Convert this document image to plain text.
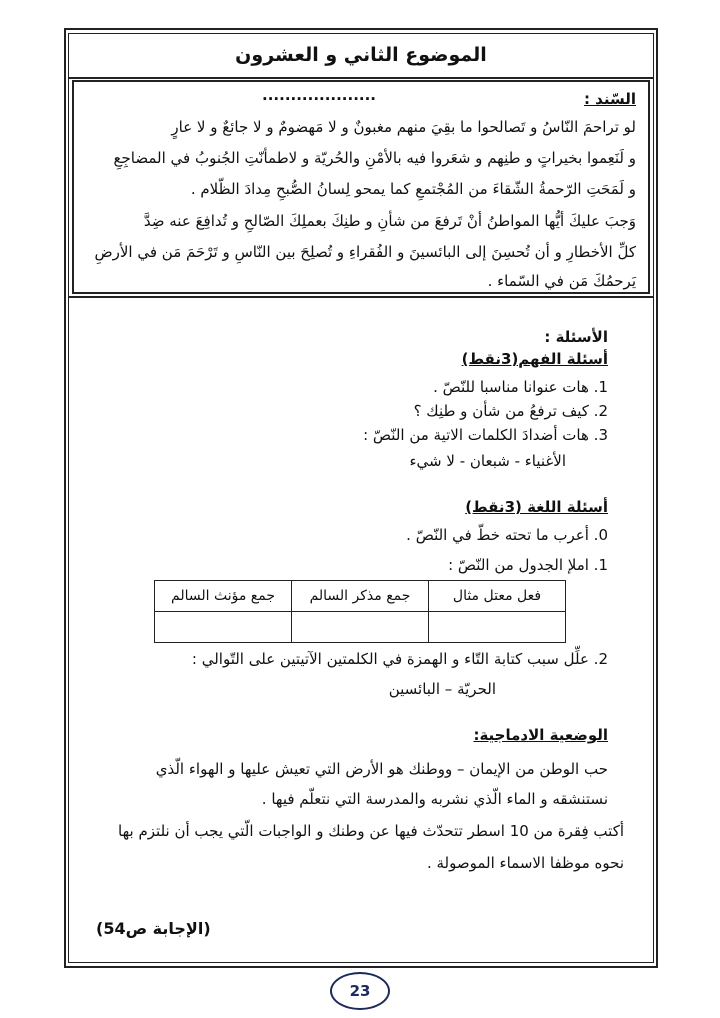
الموضوع الثاني و العشرون
السّند :
....................
لو تراحمَ النّاسُ و تَصالحوا ما بقِيَ منهم مغبونٌ و لا مَهضومٌ و لا جائعٌ و لا عارٍ
و لَنَعِموا بخيراتٍ و طنِهم و شعَروا فيه بالأمْنِ والحُريّة و لاطمأنّتِ الجُنوبُ في المضاجِعِ
و لَمَحَتِ الرّحمةُ الشّقاءَ من المُجْتمعِ كما يمحو لِسانُ الصُّبحِ مِدادَ الظّلام .
وَجبَ عليكَ أيُّها المواطنُ أنْ تَرفعَ من شأنِ و طنِكَ بعملِكَ الصّالحِ و تُدافِعَ عنه ضِدَّ
كلِّ الأخطارِ و أن تُحسِنَ إلى البائسينَ و الفُقراءِ و تُصلِحَ بين النّاسِ و تَرْحَمَ مَن في الأرضِ
يَرحمُكَ مَن في السّماء .
الأسئلة :
أسئلة الفهم(3نقط)
1. هات عنوانا مناسبا للنّصّ .
2. كيف ترفعُ من شأن و طنِك ؟
3. هات أضدادَ الكلمات الاتية من النّصّ :
الأغنياء - شبعان - لا شيء
أسئلة اللغة (3نقط)
0. أعرب ما تحته خطّ في النّصّ .
1. املإ الجدول من النّصّ :
فعل معتل مثال	جمع مذكر السالم	جمع مؤنث السالم

2. علِّل سبب كتابة التّاء و الهمزة في الكلمتين الآتيتين على التّوالي :
الحريّة – البائسين
الوضعية الادماجية:
حب الوطن من الإيمان – ووطنك هو الأرض التي تعيش عليها و الهواء الّذي
نستنشقه و الماء الّذي نشربه والمدرسة التي نتعلّم فيها .
أكتب فِقرة من 10 اسطر تتحدّث فيها عن وطنك و الواجبات الّتي يجب أن نلتزم بها
نحوه موظفا الاسماء الموصولة .
(الإجابة ص54)
23
